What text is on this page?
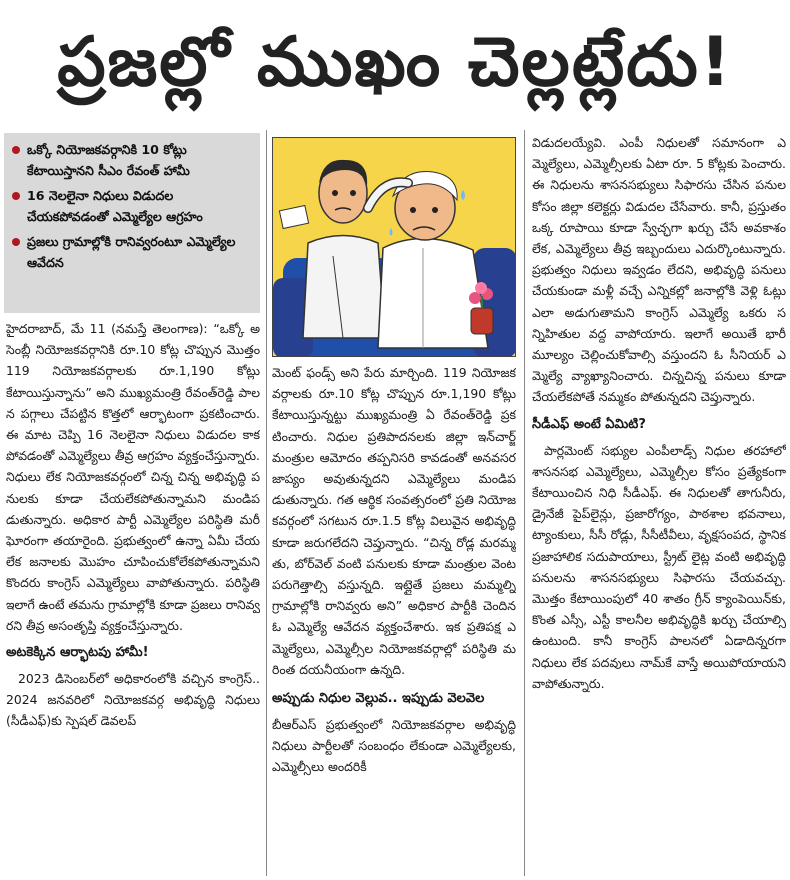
ప్రజల్లో ముఖం చెల్లట్లేదు!
ఒక్కో నియోజకవర్గానికి 10 కోట్లు కేటాయిస్తానని సీఎం రేవంత్ హామీ
16 నెలలైనా నిధులు విడుదల చేయకపోవడంతో ఎమ్మెల్యేల ఆగ్రహం
ప్రజలు గ్రామాల్లోకి రానివ్వరంటూ ఎమ్మెల్యేల ఆవేదన

హైదరాబాద్, మే 11 (నమస్తే తెలంగాణ): “ఒక్కో అసెంబ్లీ నియోజకవర్గానికి రూ.10 కోట్ల చొప్పున మొత్తం 119 నియోజకవర్గాలకు రూ.1,190 కోట్లు కేటాయిస్తున్నాను” అని ముఖ్యమంత్రి రేవంత్‌రెడ్డి పాలన పగ్గాలు చేపట్టిన కొత్తలో ఆర్భాటంగా ప్రకటించారు. ఈ మాట చెప్పి 16 నెలలైనా నిధులు విడుదల కాకపోవడంతో ఎమ్మెల్యేలు తీవ్ర ఆగ్రహం వ్యక్తంచేస్తున్నారు. నిధులు లేక నియోజకవర్గంలో చిన్న చిన్న అభివృద్ధి పనులకు కూడా చేయలేకపోతున్నామని మండిపడుతున్నారు. అధికార పార్టీ ఎమ్మెల్యేల పరిస్థితి మరీ ఘోరంగా తయారైంది. ప్రభుత్వంలో ఉన్నా ఏమీ చేయలేక జనాలకు మొహం చూపించుకోలేకపోతున్నామని కొందరు కాంగ్రెస్ ఎమ్మెల్యేలు వాపోతున్నారు. పరిస్థితి ఇలాగే ఉంటే తమను గ్రామాల్లోకి కూడా ప్రజలు రానివ్వరని తీవ్ర అసంతృప్తి వ్యక్తంచేస్తున్నారు.

అటకెక్కిన ఆర్భాటపు హామీ!

2023 డిసెంబర్‌లో అధికారంలోకి వచ్చిన కాంగ్రెస్.. 2024 జనవరిలో నియోజకవర్గ అభివృద్ధి నిధులు (సీడీఎఫ్)కు స్పెషల్ డెవలప్

మెంట్ ఫండ్స్ అని పేరు మార్చింది. 119 నియోజకవర్గాలకు రూ.10 కోట్ల చొప్పున రూ.1,190 కోట్లు కేటాయిస్తున్నట్టు ముఖ్యమంత్రి ఏ రేవంత్‌రెడ్డి ప్రకటించారు. నిధుల ప్రతిపాదనలకు జిల్లా ఇన్‌చార్జ్ మంత్రుల ఆమోదం తప్పనిసరి కావడంతో అనవసర జాప్యం అవుతున్నదని ఎమ్మెల్యేలు మండిపడుతున్నారు. గత ఆర్థిక సంవత్సరంలో ప్రతి నియోజకవర్గంలో సగటున రూ.1.5 కోట్ల విలువైన అభివృద్ధి కూడా జరుగలేదని చెప్తున్నారు. “చిన్న రోడ్ల మరమ్మతు, బోర్‌వెల్ వంటి పనులకు కూడా మంత్రుల వెంట పరుగెత్తాల్సి వస్తున్నది. ఇట్లైతే ప్రజలు మమ్మల్ని గ్రామాల్లోకి రానివ్వరు అని” అధికార పార్టీకి చెందిన ఓ ఎమ్మెల్యే ఆవేదన వ్యక్తంచేశారు. ఇక ప్రతిపక్ష ఎమ్మెల్యేలు, ఎమ్మెల్సీల నియోజకవర్గాల్లో పరిస్థితి మరింత దయనీయంగా ఉన్నది.

అప్పుడు నిధుల వెల్లువ.. ఇప్పుడు వెలవెల

బీఆర్‌ఎస్ ప్రభుత్వంలో నియోజకవర్గాల అభివృద్ధి నిధులు పార్టీలతో సంబంధం లేకుండా ఎమ్మెల్యేలకు, ఎమ్మెల్సీలు అందరికీ

విడుదలయ్యేవి. ఎంపీ నిధులతో సమానంగా ఎమ్మెల్యేలు, ఎమ్మెల్సీలకు ఏటా రూ. 5 కోట్లకు పెంచారు. ఈ నిధులను శాసనసభ్యులు సిఫారసు చేసిన పనుల కోసం జిల్లా కలెక్టర్లు విడుదల చేసేవారు. కానీ, ప్రస్తుతం ఒక్క రూపాయి కూడా స్వేచ్ఛగా ఖర్చు చేసే అవకాశం లేక, ఎమ్మెల్యేలు తీవ్ర ఇబ్బందులు ఎదుర్కొంటున్నారు. ప్రభుత్వం నిధులు ఇవ్వడం లేదని, అభివృద్ధి పనులు చేయకుండా మళ్లీ వచ్చే ఎన్నికల్లో జనాల్లోకి వెళ్లి ఓట్లు ఎలా అడుగుతామని కాంగ్రెస్ ఎమ్మెల్యే ఒకరు సన్నిహితుల వద్ద వాపోయారు. ఇలాగే అయితే భారీ మూల్యం చెల్లించుకోవాల్సి వస్తుందని ఓ సీనియర్ ఎమ్మెల్యే వ్యాఖ్యానించారు. చిన్నచిన్న పనులు కూడా చేయలేకపోతే నమ్మకం పోతున్నదని చెప్తున్నారు.

సీడీఎఫ్ అంటే ఏమిటి?

పార్లమెంట్ సభ్యుల ఎంపీలాడ్స్ నిధుల తరహాలో శాసనసభ ఎమ్మెల్యేలు, ఎమ్మెల్సీల కోసం ప్రత్యేకంగా కేటాయించిన నిధి సీడీఎఫ్. ఈ నిధులతో తాగునీరు, డ్రైనేజీ పైప్‌లైన్లు, ప్రజారోగ్యం, పాఠశాల భవనాలు, ట్యాంకులు, సీసీ రోడ్లు, సీసీటీవీలు, వృక్షసంపద, స్థానిక ప్రజాహాలిక సదుపాయాలు, స్ట్రీట్ లైట్ల వంటి అభివృద్ధి పనులను శాసనసభ్యులు సిఫారసు చేయవచ్చు. మొత్తం కేటాయింపులో 40 శాతం గ్రీన్ క్యాంపెయిన్‌కు, కొంత ఎస్సీ, ఎస్టీ కాలనీల అభివృద్ధికి ఖర్చు చేయాల్సి ఉంటుంది. కానీ కాంగ్రెస్ పాలనలో ఏడాదిన్నరగా నిధులు లేక పదవులు నామ్‌కే వాస్తే అయిపోయాయని వాపోతున్నారు.
